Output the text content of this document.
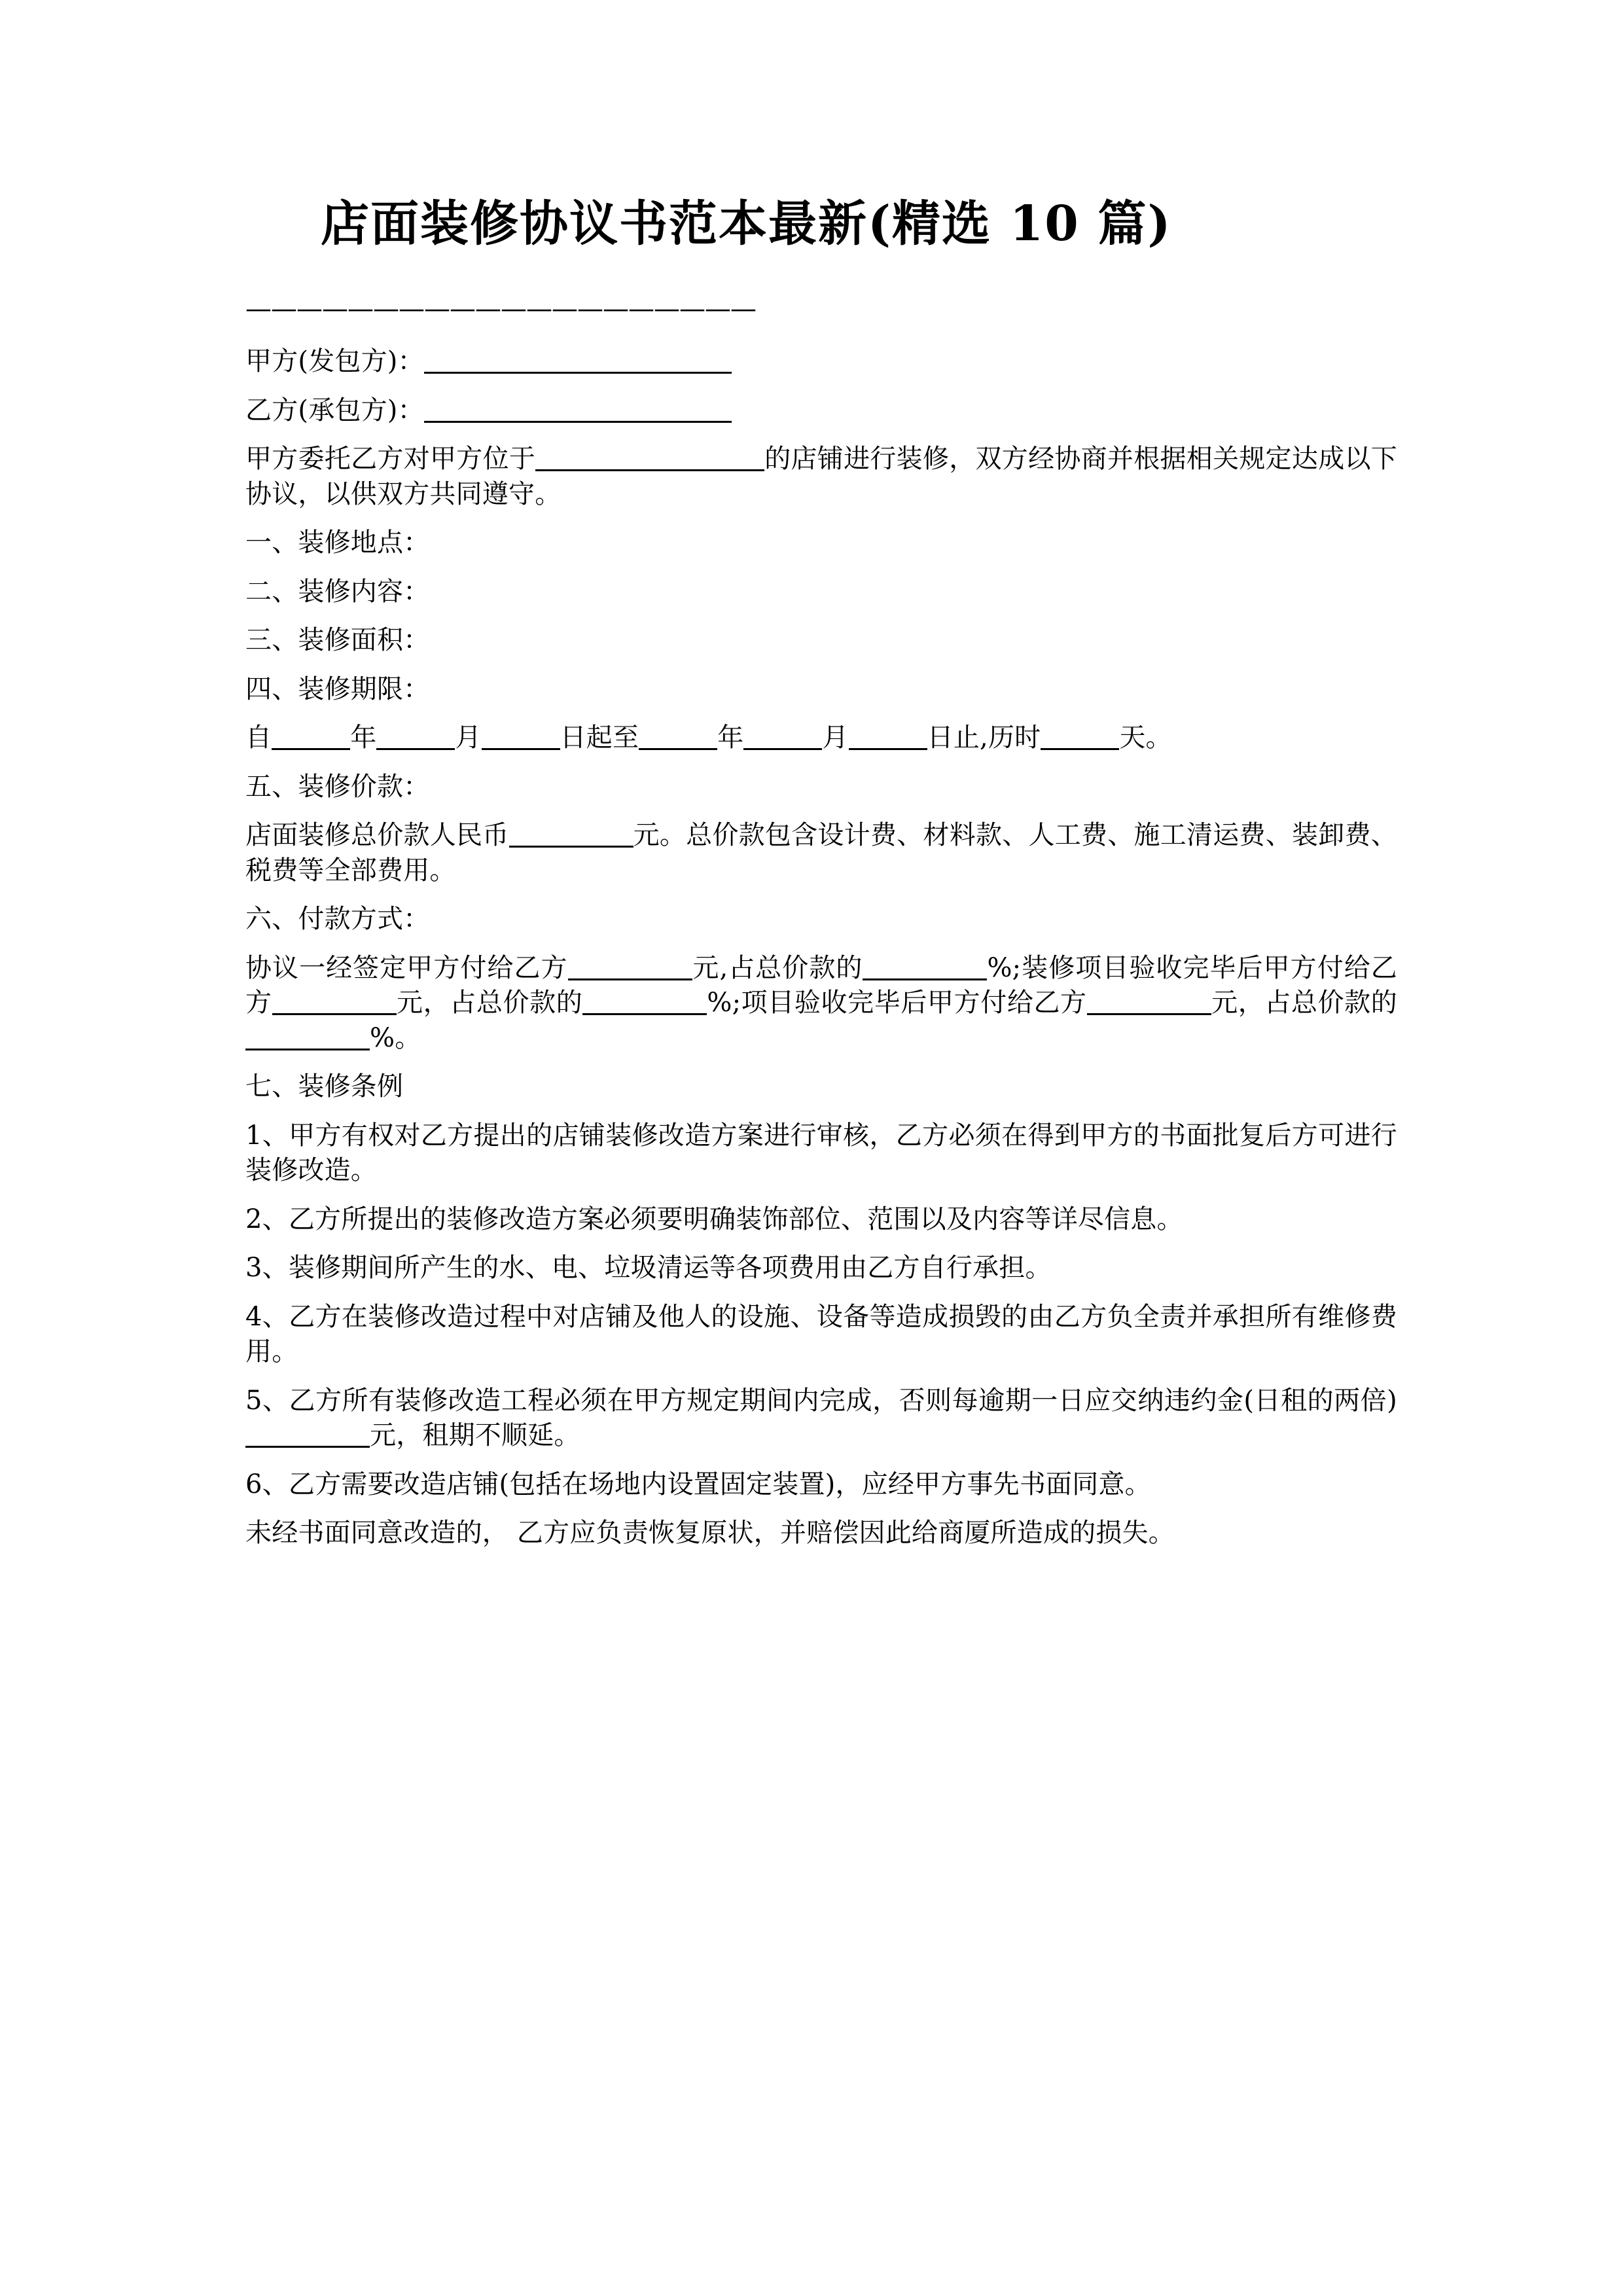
店面装修协议书范本最新(精选 10 篇)
————————————————————

甲方(发包方)：

乙方(承包方)：

甲方委托乙方对甲方位于	的店铺进行装修，双方经协商并根据相关规定达成以下协议，以供双方共同遵守。

一、装修地点：

二、装修内容：

三、装修面积：

四、装修期限：

自	年	月	日起至	年	月	日止,历时	天。

五、装修价款：

店面装修总价款人民币	元。总价款包含设计费、材料款、人工费、施工清运费、装卸费、税费等全部费用。

六、付款方式：

协议一经签定甲方付给乙方	元,占总价款的	%;装修项目验收完毕后甲方付给乙方	元，占总价款的	%;项目验收完毕后甲方付给乙方	元，占总价款的%。

七、装修条例

1、甲方有权对乙方提出的店铺装修改造方案进行审核，乙方必须在得到甲方的书面批复后方可进行装修改造。

2、乙方所提出的装修改造方案必须要明确装饰部位、范围以及内容等详尽信息。

3、装修期间所产生的水、电、垃圾清运等各项费用由乙方自行承担。

4、乙方在装修改造过程中对店铺及他人的设施、设备等造成损毁的由乙方负全责并承担所有维修费用。

5、乙方所有装修改造工程必须在甲方规定期间内完成，否则每逾期一日应交纳违约金(日租的两倍)元，租期不顺延。

6、乙方需要改造店铺(包括在场地内设置固定装置)，应经甲方事先书面同意。

未经书面同意改造的， 乙方应负责恢复原状，并赔偿因此给商厦所造成的损失。
